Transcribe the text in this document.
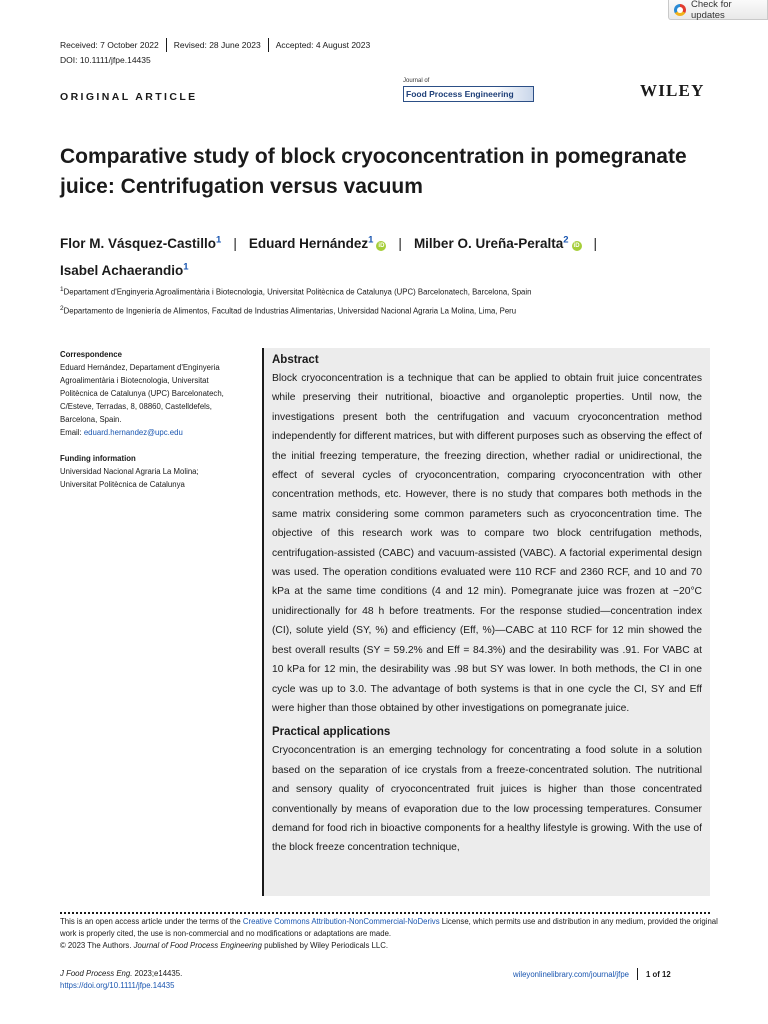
Check for updates
Received: 7 October 2022 Revised: 28 June 2023 Accepted: 4 August 2023
DOI: 10.1111/jfpe.14435
ORIGINAL ARTICLE
Journal of
Food Process Engineering	WILEY
Comparative study of block cryoconcentration in pomegranate juice: Centrifugation versus vacuum
Flor M. Vásquez-Castillo$^1$ | Eduard Hernández$^1$iD | Milber O. Ureña-Peralta$^2$iD |
Isabel Achaerandio$^1$
$^1$Departament d'Enginyeria Agroalimentària i Biotecnologia, Universitat Politècnica de Catalunya (UPC) Barcelonatech, Barcelona, Spain
$^2$Departamento de Ingeniería de Alimentos, Facultad de Industrias Alimentarias, Universidad Nacional Agraria La Molina, Lima, Peru
Correspondence
Eduard Hernández, Departament d'Enginyeria
Agroalimentària i Biotecnologia, Universitat
Politècnica de Catalunya (UPC) Barcelonatech,
C/Esteve, Terradas, 8, 08860, Castelldefels,
Barcelona, Spain.
Email: eduard.hernandez@upc.edu
Funding information
Universidad Nacional Agraria La Molina;
Universitat Politècnica de Catalunya
Abstract
Block cryoconcentration is a technique that can be applied to obtain fruit juice concentrates while preserving their nutritional, bioactive and organoleptic properties. Until now, the investigations present both the centrifugation and vacuum cryoconcentration method independently for different matrices, but with different purposes such as observing the effect of the initial freezing temperature, the freezing direction, whether radial or unidirectional, the effect of several cycles of cryoconcentration, comparing cryoconcentration with other concentration methods, etc. However, there is no study that compares both methods in the same matrix considering some common parameters such as cryoconcentration time. The objective of this research work was to compare two block centrifugation methods, centrifugation-assisted (CABC) and vacuum-assisted (VABC). A factorial experimental design was used. The operation conditions evaluated were 110 RCF and 2360 RCF, and 10 and 70 kPa at the same time conditions (4 and 12 min). Pomegranate juice was frozen at −20°C unidirectionally for 48 h before treatments. For the response studied—concentration index (CI), solute yield (SY, %) and efficiency (Eff, %)—CABC at 110 RCF for 12 min showed the best overall results (SY = 59.2% and Eff = 84.3%) and the desirability was .91. For VABC at 10 kPa for 12 min, the desirability was .98 but SY was lower. In both methods, the CI in one cycle was up to 3.0. The advantage of both systems is that in one cycle the CI, SY and Eff were higher than those obtained by other investigations on pomegranate juice.
Practical applications
Cryoconcentration is an emerging technology for concentrating a food solute in a solution based on the separation of ice crystals from a freeze-concentrated solution. The nutritional and sensory quality of cryoconcentrated fruit juices is higher than those concentrated conventionally by means of evaporation due to the low processing temperatures. Consumer demand for food rich in bioactive components for a healthy lifestyle is growing. With the use of the block freeze concentration technique,
This is an open access article under the terms of the Creative Commons Attribution-NonCommercial-NoDerivs License, which permits use and distribution in any medium, provided the original work is properly cited, the use is non-commercial and no modifications or adaptations are made.
© 2023 The Authors. Journal of Food Process Engineering published by Wiley Periodicals LLC.
J Food Process Eng. 2023;e14435.
https://doi.org/10.1111/jfpe.14435
wileyonlinelibrary.com/journal/jfpe 1 of 12
